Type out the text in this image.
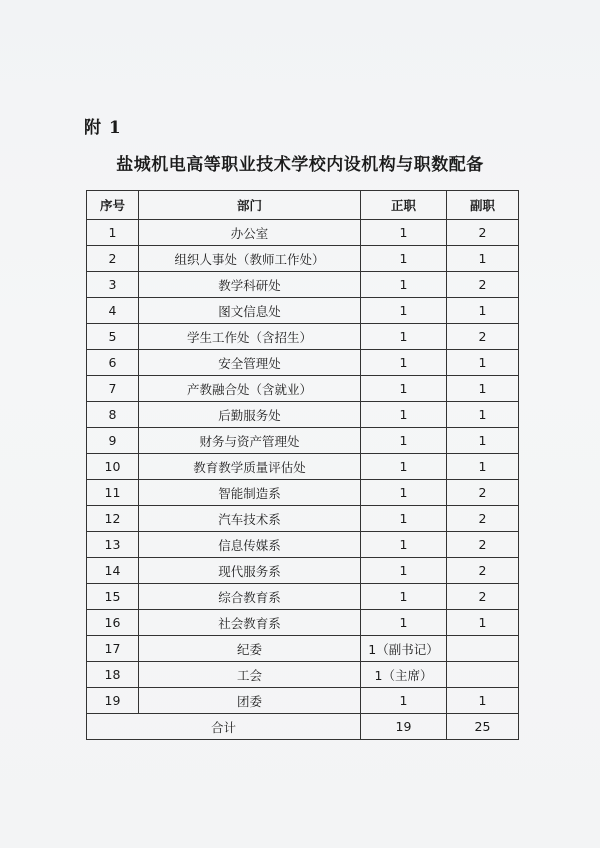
附 1
盐城机电高等职业技术学校内设机构与职数配备
序号	部门	正职	副职
1	办公室	1	2
2	组织人事处（教师工作处）	1	1
3	教学科研处	1	2
4	图文信息处	1	1
5	学生工作处（含招生）	1	2
6	安全管理处	1	1
7	产教融合处（含就业）	1	1
8	后勤服务处	1	1
9	财务与资产管理处	1	1
10	教育教学质量评估处	1	1
11	智能制造系	1	2
12	汽车技术系	1	2
13	信息传媒系	1	2
14	现代服务系	1	2
15	综合教育系	1	2
16	社会教育系	1	1
17	纪委	1（副书记）	
18	工会	1（主席）	
19	团委	1	1
合计		19	25
